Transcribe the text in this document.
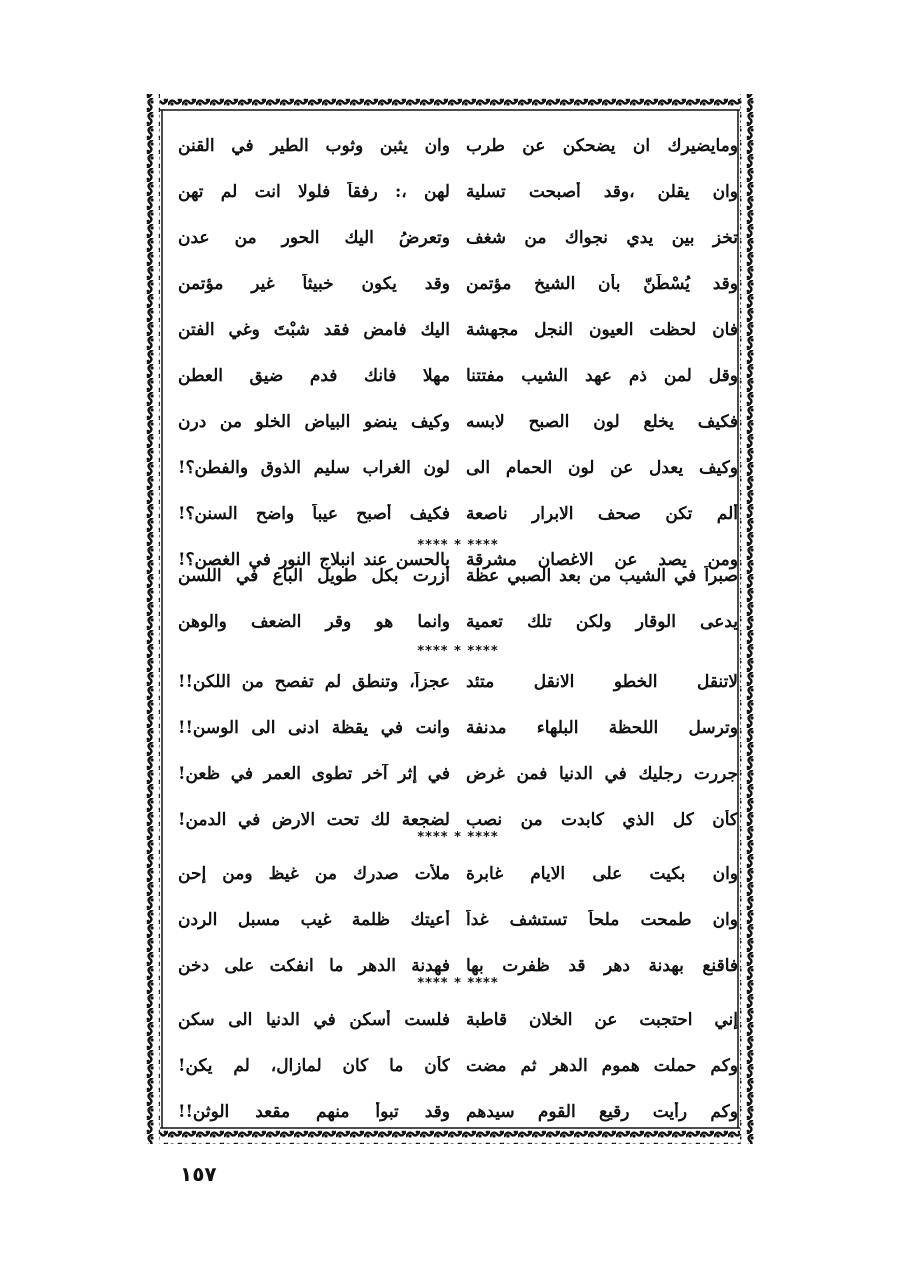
ومايضيرك ان يضحكن عن طرب
وان يثبن وثوب الطير في القنن
وان يقلن ،وقد أصبحت تسلية
لهن ،: رفقاً فلولا انت لم تهن
تخز بين يدي نجواك من شغف
وتعرضُ اليك الحور من عدن
وقد يُسْطَنّ بأن الشيخ مؤتمن
وقد يكون خبيثاً غير مؤتمن
فان لحظت العيون النجل مجهشة
اليك فامض فقد شبْتَ وغي الفتن
وقل لمن ذم عهد الشيب مفتتنا
مهلا فانك فدم ضيق العطن
فكيف يخلع لون الصبح لابسه
وكيف ينضو البياض الخلو من درن
وكيف يعدل عن لون الحمام الى
لون الغراب سليم الذوق والفطن؟!
ألم تكن صحف الابرار ناصعة
فكيف أصبح عيباً واضح السنن؟!
ومن يصد عن الاغصان مشرقة
بالحسن عند انبلاج النور في الغصن؟!
**** * ****
صبراً في الشيب من بعد الصبي عظة
أزرت بكل طويل الباع في اللسن
يدعى الوقار ولكن تلك تعمية
وانما هو وقر الضعف والوهن
**** * ****
لاتنقل الخطو الانقل متئد
عجزاً، وتنطق لم تفصح من اللكن!!
وترسل اللحظة البلهاء مدنفة
وانت في يقظة ادنى الى الوسن!!
جررت رجليك في الدنيا فمن غرض
في إثر آخر تطوى العمر في ظعن!
كأن كل الذي كابدت من نصب
لضجعة لك تحت الارض في الدمن!
**** * ****
وان بكيت على الايام غابرة
ملأت صدرك من غيظ ومن إحن
وان طمحت ملحاً تستشف غداً
أعيتك ظلمة غيب مسبل الردن
فاقنع بهدنة دهر قد ظفرت بها
فهدنة الدهر ما انفكت على دخن
**** * ****
إني احتجبت عن الخلان قاطبة
فلست أسكن في الدنيا الى سكن
وكم حملت هموم الدهر ثم مضت
كأن ما كان لمازال، لم يكن!
وكم رأيت رقيع القوم سيدهم
وقد تبوأ منهم مقعد الوثن!!
١٥٧
